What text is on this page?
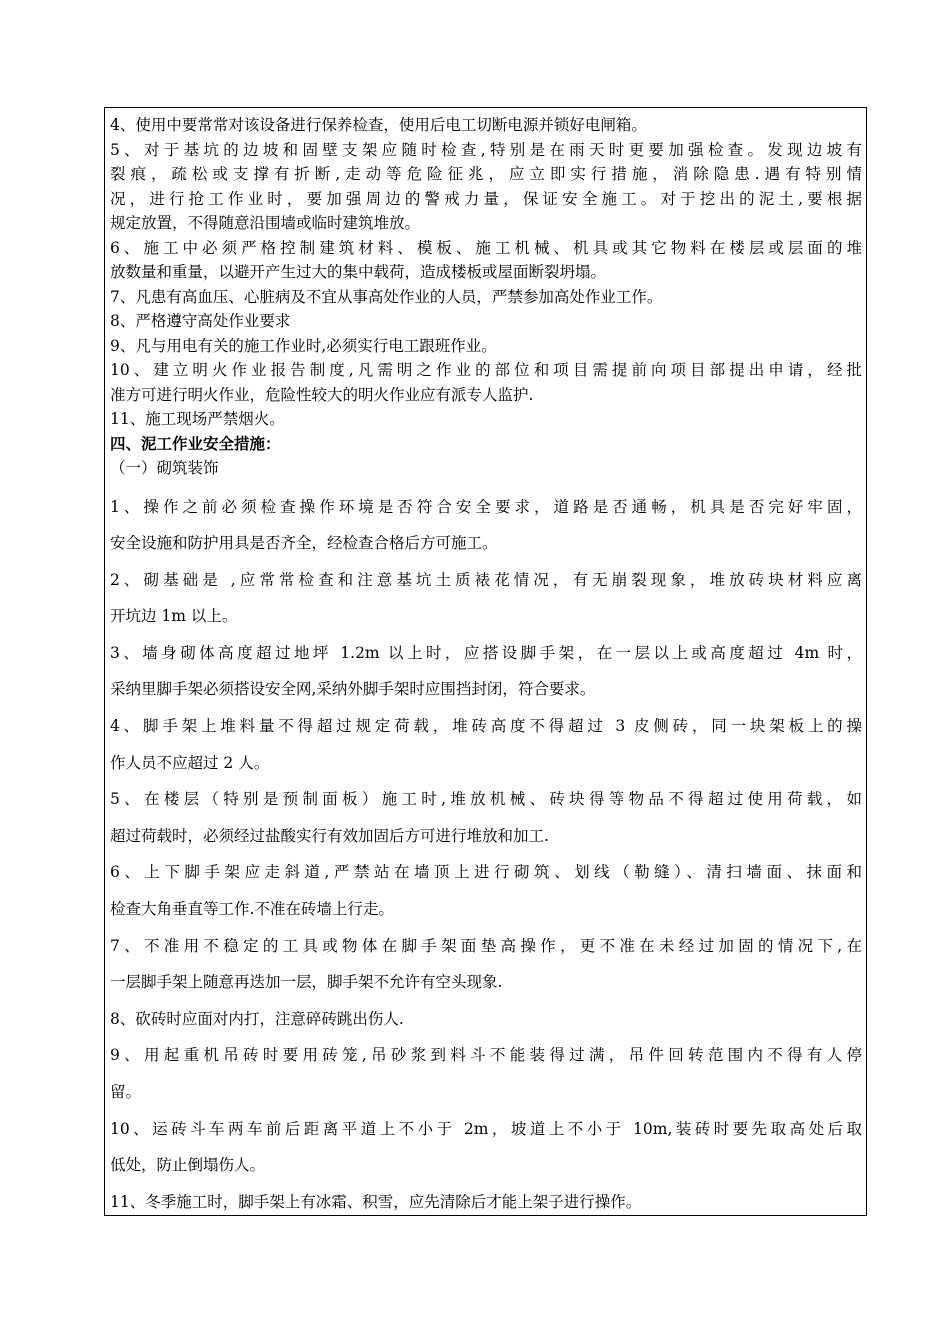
4、使用中要常常对该设备进行保养检查，使用后电工切断电源并锁好电闸箱。
5、对于基坑的边坡和固壁支架应随时检查,特别是在雨天时更要加强检查。发现边坡有
裂痕，疏松或支撑有折断,走动等危险征兆，应立即实行措施，消除隐患.遇有特别情
况，进行抢工作业时，要加强周边的警戒力量，保证安全施工。对于挖出的泥土,要根据
规定放置，不得随意沿围墙或临时建筑堆放。
6、施工中必须严格控制建筑材料、模板、施工机械、机具或其它物料在楼层或层面的堆
放数量和重量，以避开产生过大的集中载荷，造成楼板或屋面断裂坍塌。
7、凡患有高血压、心脏病及不宜从事高处作业的人员，严禁参加高处作业工作。
8、严格遵守高处作业要求
9、凡与用电有关的施工作业时,必须实行电工跟班作业。
10、建立明火作业报告制度,凡需明之作业的部位和项目需提前向项目部提出申请，经批
准方可进行明火作业，危险性较大的明火作业应有派专人监护.
11、施工现场严禁烟火。
四、泥工作业安全措施：
（一）砌筑装饰
1、操作之前必须检查操作环境是否符合安全要求，道路是否通畅，机具是否完好牢固，
安全设施和防护用具是否齐全，经检查合格后方可施工。
2、砌基础是 ,应常常检查和注意基坑土质裱花情况，有无崩裂现象，堆放砖块材料应离
开坑边 1m 以上。
3、墙身砌体高度超过地坪 1.2m 以上时，应搭设脚手架，在一层以上或高度超过 4m 时，
采纳里脚手架必须搭设安全网,采纳外脚手架时应围挡封闭，符合要求。
4、脚手架上堆料量不得超过规定荷载，堆砖高度不得超过 3 皮侧砖，同一块架板上的操
作人员不应超过 2 人。
5、在楼层（特别是预制面板）施工时,堆放机械、砖块得等物品不得超过使用荷载，如
超过荷载时，必须经过盐酸实行有效加固后方可进行堆放和加工.
6、上下脚手架应走斜道,严禁站在墙顶上进行砌筑、划线（勒缝）、清扫墙面、抹面和
检查大角垂直等工作.不准在砖墙上行走。
7、不准用不稳定的工具或物体在脚手架面垫高操作，更不准在未经过加固的情况下,在
一层脚手架上随意再迭加一层，脚手架不允许有空头现象.
8、砍砖时应面对内打，注意碎砖跳出伤人.
9、用起重机吊砖时要用砖笼,吊砂浆到料斗不能装得过满，吊件回转范围内不得有人停
留。
10、运砖斗车两车前后距离平道上不小于 2m，坡道上不小于 10m,装砖时要先取高处后取
低处，防止倒塌伤人。
11、冬季施工时，脚手架上有冰霜、积雪，应先清除后才能上架子进行操作。
